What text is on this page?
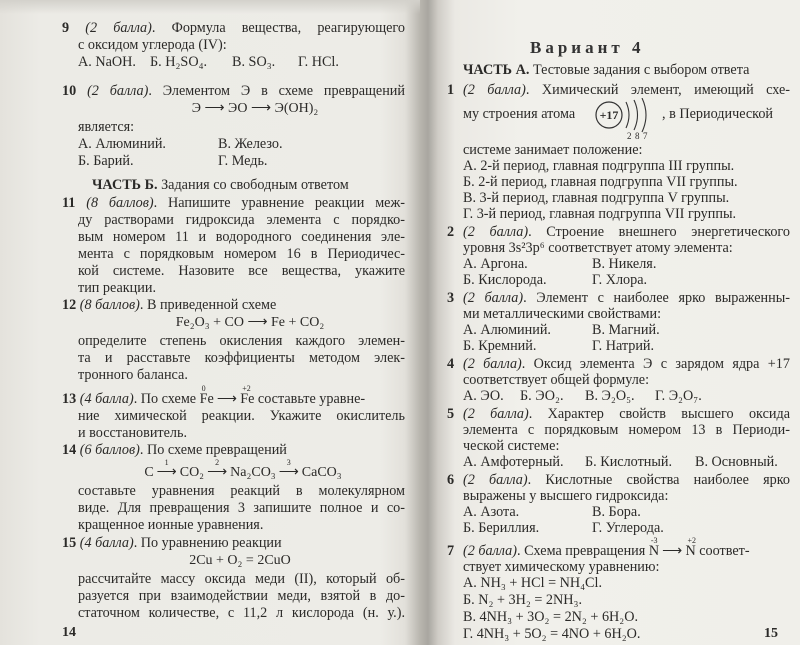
9 (2 балла). Формула вещества, реагирующего
с оксидом углерода (IV):
А. NaOH. Б. H₂SO₄. В. SO₃. Г. HCl.
10 (2 балла). Элементом Э в схеме превращений
Э ⟶ ЭО ⟶ Э(OH)₂
является:
А. Алюминий.
Б. Барий.
В. Железо.
Г. Медь.
ЧАСТЬ Б. Задания со свободным ответом
11 (8 баллов). Напишите уравнение реакции меж-
ду растворами гидроксида элемента с порядко-
вым номером 11 и водородного соединения эле-
мента с порядковым номером 16 в Периодичес-
кой системе. Назовите все вещества, укажите
тип реакции.
12 (8 баллов). В приведенной схеме
Fe₂O₃ + CO ⟶ Fe + CO₂
определите степень окисления каждого элемен-
та и расставьте коэффициенты методом элек-
тронного баланса.
13 (4 балла). По схеме Fe
0
⟶ Fe
+2
составьте уравне-
ние химической реакции. Укажите окислитель
и восстановитель.
14 (6 баллов). По схеме превращений
C ⟶
1
CO₂ ⟶
2
Na₂CO₃ ⟶
3
CaCO₃
составьте уравнения реакций в молекулярном
виде. Для превращения 3 запишите полное и со-
кращенное ионные уравнения.
15 (4 балла). По уравнению реакции
2Cu + O₂ = 2CuO
рассчитайте массу оксида меди (II), который об-
разуется при взаимодействии меди, взятой в до-
статочном количестве, с 11,2 л кислорода (н. у.).
14
Вариант 4
ЧАСТЬ А. Тестовые задания с выбором ответа
1 (2 балла). Химический элемент, имеющий схе-
му строения атома +17
2 8 7
, в Периодической
системе занимает положение:
А. 2-й период, главная подгруппа III группы.
Б. 2-й период, главная подгруппа VII группы.
В. 3-й период, главная подгруппа V группы.
Г. 3-й период, главная подгруппа VII группы.
2 (2 балла). Строение внешнего энергетического
уровня 3s²3p⁶ соответствует атому элемента:
А. Аргона.
Б. Кислорода.
В. Никеля.
Г. Хлора.
3 (2 балла). Элемент с наиболее ярко выраженны-
ми металлическими свойствами:
А. Алюминий.
Б. Кремний.
В. Магний.
Г. Натрий.
4 (2 балла). Оксид элемента Э с зарядом ядра +17
соответствует общей формуле:
А. ЭО. Б. ЭО₂. В. Э₂О₅. Г. Э₂О₇.
5 (2 балла). Характер свойств высшего оксида
элемента с порядковым номером 13 в Периоди-
ческой системе:
А. Амфотерный. Б. Кислотный. В. Основный.
6 (2 балла). Кислотные свойства наиболее ярко
выражены у высшего гидроксида:
А. Азота.
Б. Бериллия.
В. Бора.
Г. Углерода.
7 (2 балла). Схема превращения N
-3
⟶ N
+2
соответ-
ствует химическому уравнению:
А. NH₃ + HCl = NH₄Cl.
Б. N₂ + 3H₂ = 2NH₃.
В. 4NH₃ + 3O₂ = 2N₂ + 6H₂O.
Г. 4NH₃ + 5O₂ = 4NO + 6H₂O.	15
